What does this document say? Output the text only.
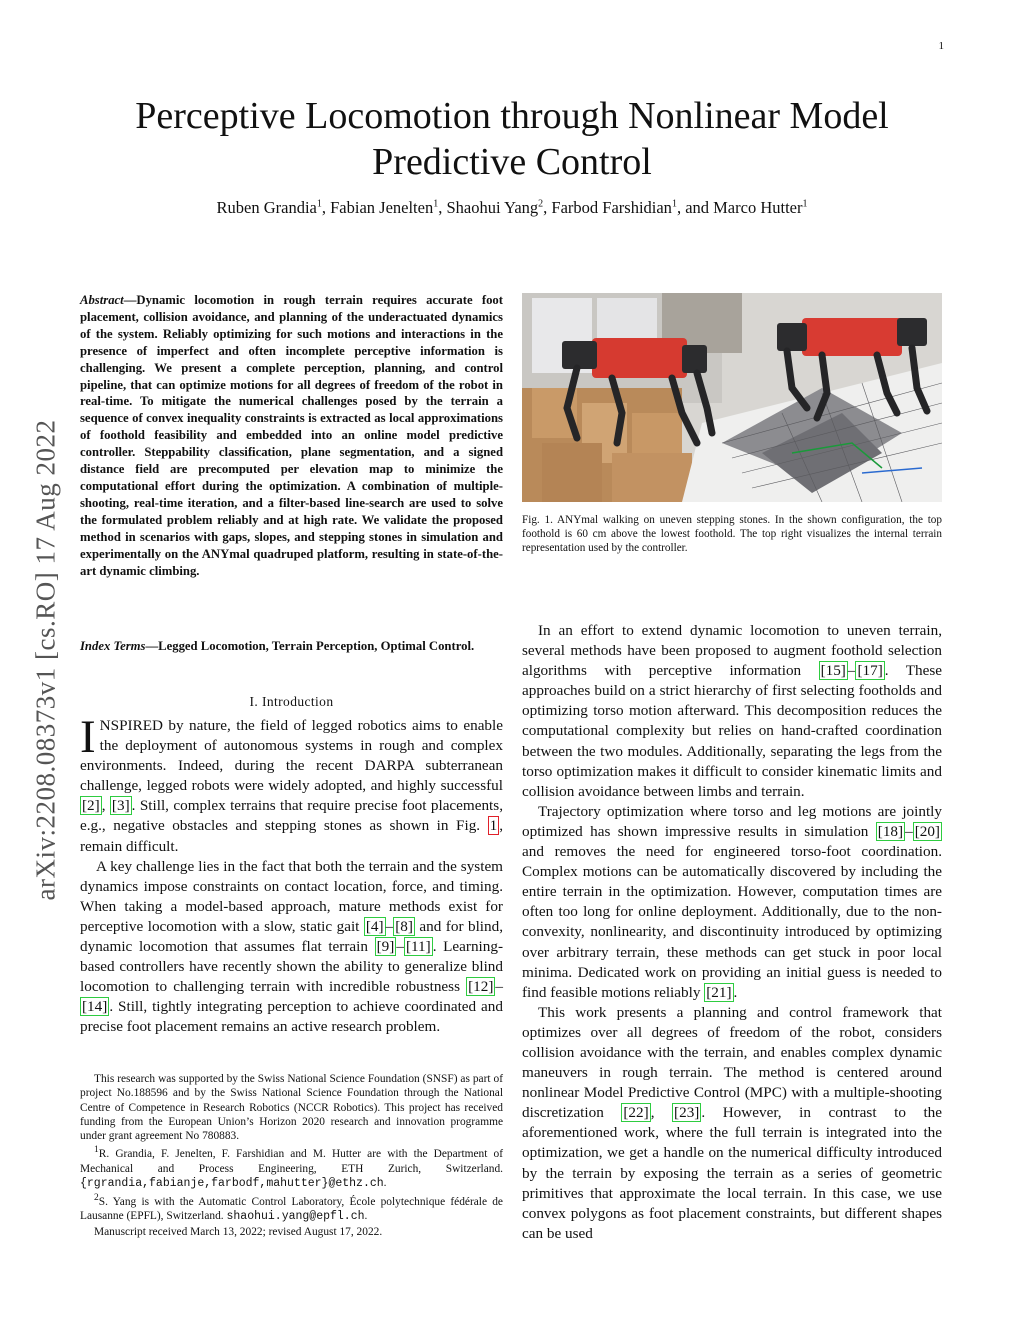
1
arXiv:2208.08373v1 [cs.RO] 17 Aug 2022
Perceptive Locomotion through Nonlinear Model
Predictive Control
Ruben Grandia$^1$, Fabian Jenelten$^1$, Shaohui Yang$^2$, Farbod Farshidian$^1$, and Marco Hutter$^1$
Abstract—Dynamic locomotion in rough terrain requires accurate foot placement, collision avoidance, and planning of the underactuated dynamics of the system. Reliably optimizing for such motions and interactions in the presence of imperfect and often incomplete perceptive information is challenging. We present a complete perception, planning, and control pipeline, that can optimize motions for all degrees of freedom of the robot in real-time. To mitigate the numerical challenges posed by the terrain a sequence of convex inequality constraints is extracted as local approximations of foothold feasibility and embedded into an online model predictive controller. Steppability classification, plane segmentation, and a signed distance field are precomputed per elevation map to minimize the computational effort during the optimization. A combination of multiple-shooting, real-time iteration, and a filter-based line-search are used to solve the formulated problem reliably and at high rate. We validate the proposed method in scenarios with gaps, slopes, and stepping stones in simulation and experimentally on the ANYmal quadruped platform, resulting in state-of-the-art dynamic climbing.
Index Terms—Legged Locomotion, Terrain Perception, Optimal Control.
I. Introduction

INSPIRED by nature, the field of legged robotics aims to enable the deployment of autonomous systems in rough and complex environments. Indeed, during the recent DARPA subterranean challenge, legged robots were widely adopted, and highly successful [2] , [3] . Still, complex terrains that require precise foot placements, e.g., negative obstacles and stepping stones as shown in Fig. 1 , remain difficult.

A key challenge lies in the fact that both the terrain and the system dynamics impose constraints on contact location, force, and timing. When taking a model-based approach, mature methods exist for perceptive locomotion with a slow, static gait [4] – [8] and for blind, dynamic locomotion that assumes flat terrain [9] – [11] . Learning-based controllers have recently shown the ability to generalize blind locomotion to challenging terrain with incredible robustness [12] –[14] . Still, tightly integrating perception to achieve coordinated and precise foot placement remains an active research problem.

This research was supported by the Swiss National Science Foundation (SNSF) as part of project No.188596 and by the Swiss National Science Foundation through the National Centre of Competence in Research Robotics (NCCR Robotics). This project has received funding from the European Union’s Horizon 2020 research and innovation programme under grant agreement No 780883.

$^1$R. Grandia, F. Jenelten, F. Farshidian and M. Hutter are with the Department of Mechanical and Process Engineering, ETH Zurich, Switzerland. {rgrandia,fabianje,farbodf,mahutter}@ethz.ch.

$^2$S. Yang is with the Automatic Control Laboratory, École polytechnique fédérale de Lausanne (EPFL), Switzerland. shaohui.yang@epfl.ch.

Manuscript received March 13, 2022; revised August 17, 2022.

Fig. 1. ANYmal walking on uneven stepping stones. In the shown configuration, the top foothold is 60 cm above the lowest foothold. The top right visualizes the internal terrain representation used by the controller.

In an effort to extend dynamic locomotion to uneven terrain, several methods have been proposed to augment foothold selection algorithms with perceptive information [15] – [17] . These approaches build on a strict hierarchy of first selecting footholds and optimizing torso motion afterward. This decomposition reduces the computational complexity but relies on hand-crafted coordination between the two modules. Additionally, separating the legs from the torso optimization makes it difficult to consider kinematic limits and collision avoidance between limbs and terrain.

Trajectory optimization where torso and leg motions are jointly optimized has shown impressive results in simulation [18] – [20] and removes the need for engineered torso-foot coordination. Complex motions can be automatically discovered by including the entire terrain in the optimization. However, computation times are often too long for online deployment. Additionally, due to the non-convexity, nonlinearity, and discontinuity introduced by optimizing over arbitrary terrain, these methods can get stuck in poor local minima. Dedicated work on providing an initial guess is needed to find feasible motions reliably [21] .

This work presents a planning and control framework that optimizes over all degrees of freedom of the robot, considers collision avoidance with the terrain, and enables complex dynamic maneuvers in rough terrain. The method is centered around nonlinear Model Predictive Control (MPC) with a multiple-shooting discretization [22] , [23] . However, in contrast to the aforementioned work, where the full terrain is integrated into the optimization, we get a handle on the numerical difficulty introduced by the terrain by exposing the terrain as a series of geometric primitives that approximate the local terrain. In this case, we use convex polygons as foot placement constraints, but different shapes can be used
